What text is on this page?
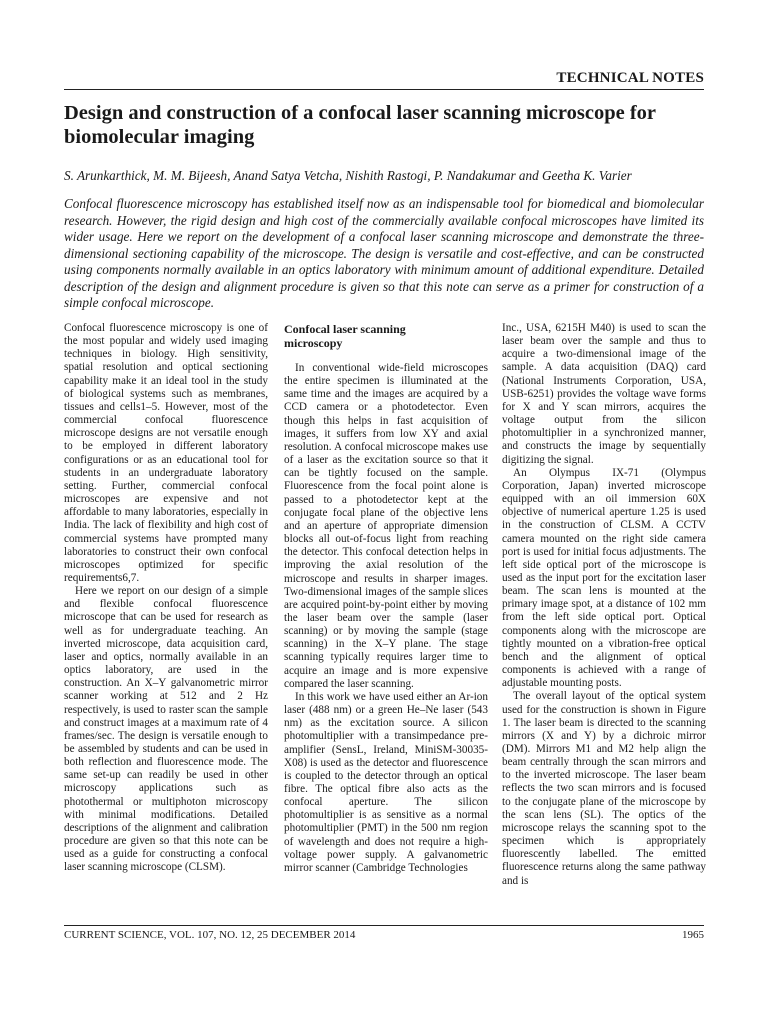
TECHNICAL NOTES
Design and construction of a confocal laser scanning microscope for biomolecular imaging
S. Arunkarthick, M. M. Bijeesh, Anand Satya Vetcha, Nishith Rastogi, P. Nandakumar and Geetha K. Varier

Confocal fluorescence microscopy has established itself now as an indispensable tool for biomedical and biomolecular research. However, the rigid design and high cost of the commercially available confocal microscopes have limited its wider usage. Here we report on the development of a confocal laser scanning microscope and demonstrate the three-dimensional sectioning capability of the microscope. The design is versatile and cost-effective, and can be constructed using components normally available in an optics laboratory with minimum amount of additional expenditure. Detailed description of the design and alignment procedure is given so that this note can serve as a primer for construction of a simple confocal microscope.

Confocal fluorescence microscopy is one of the most popular and widely used imaging techniques in biology. High sensitivity, spatial resolution and optical sectioning capability make it an ideal tool in the study of biological systems such as membranes, tissues and cells1–5. However, most of the commercial confocal fluorescence microscope designs are not versatile enough to be employed in different laboratory configurations or as an educational tool for students in an undergraduate laboratory setting. Further, commercial confocal microscopes are expensive and not affordable to many laboratories, especially in India. The lack of flexibility and high cost of commercial systems have prompted many laboratories to construct their own confocal microscopes optimized for specific requirements6,7.

Here we report on our design of a simple and flexible confocal fluorescence microscope that can be used for research as well as for undergraduate teaching. An inverted microscope, data acquisition card, laser and optics, normally available in an optics laboratory, are used in the construction. An X–Y galvanometric mirror scanner working at 512 and 2 Hz respectively, is used to raster scan the sample and construct images at a maximum rate of 4 frames/sec. The design is versatile enough to be assembled by students and can be used in both reflection and fluorescence mode. The same set-up can readily be used in other microscopy applications such as photothermal or multiphoton microscopy with minimal modifications. Detailed descriptions of the alignment and calibration procedure are given so that this note can be used as a guide for constructing a confocal laser scanning microscope (CLSM).

Confocal laser scanning microscopy

In conventional wide-field microscopes the entire specimen is illuminated at the same time and the images are acquired by a CCD camera or a photodetector. Even though this helps in fast acquisition of images, it suffers from low XY and axial resolution. A confocal microscope makes use of a laser as the excitation source so that it can be tightly focused on the sample. Fluorescence from the focal point alone is passed to a photodetector kept at the conjugate focal plane of the objective lens and an aperture of appropriate dimension blocks all out-of-focus light from reaching the detector. This confocal detection helps in improving the axial resolution of the microscope and results in sharper images. Two-dimensional images of the sample slices are acquired point-by-point either by moving the laser beam over the sample (laser scanning) or by moving the sample (stage scanning) in the X–Y plane. The stage scanning typically requires larger time to acquire an image and is more expensive compared the laser scanning.

In this work we have used either an Ar-ion laser (488 nm) or a green He–Ne laser (543 nm) as the excitation source. A silicon photomultiplier with a transimpedance pre-amplifier (SensL, Ireland, MiniSM-30035-X08) is used as the detector and fluorescence is coupled to the detector through an optical fibre. The optical fibre also acts as the confocal aperture. The silicon photomultiplier is as sensitive as a normal photomultiplier (PMT) in the 500 nm region of wavelength and does not require a high-voltage power supply. A galvanometric mirror scanner (Cambridge Technologies

Inc., USA, 6215H M40) is used to scan the laser beam over the sample and thus to acquire a two-dimensional image of the sample. A data acquisition (DAQ) card (National Instruments Corporation, USA, USB-6251) provides the voltage wave forms for X and Y scan mirrors, acquires the voltage output from the silicon photomultiplier in a synchronized manner, and constructs the image by sequentially digitizing the signal.

An Olympus IX-71 (Olympus Corporation, Japan) inverted microscope equipped with an oil immersion 60X objective of numerical aperture 1.25 is used in the construction of CLSM. A CCTV camera mounted on the right side camera port is used for initial focus adjustments. The left side optical port of the microscope is used as the input port for the excitation laser beam. The scan lens is mounted at the primary image spot, at a distance of 102 mm from the left side optical port. Optical components along with the microscope are tightly mounted on a vibration-free optical bench and the alignment of optical components is achieved with a range of adjustable mounting posts.

The overall layout of the optical system used for the construction is shown in Figure 1. The laser beam is directed to the scanning mirrors (X and Y) by a dichroic mirror (DM). Mirrors M1 and M2 help align the beam centrally through the scan mirrors and to the inverted microscope. The laser beam reflects the two scan mirrors and is focused to the conjugate plane of the microscope by the scan lens (SL). The optics of the microscope relays the scanning spot to the specimen which is appropriately fluorescently labelled. The emitted fluorescence returns along the same pathway and is

CURRENT SCIENCE, VOL. 107, NO. 12, 25 DECEMBER 2014	1965
